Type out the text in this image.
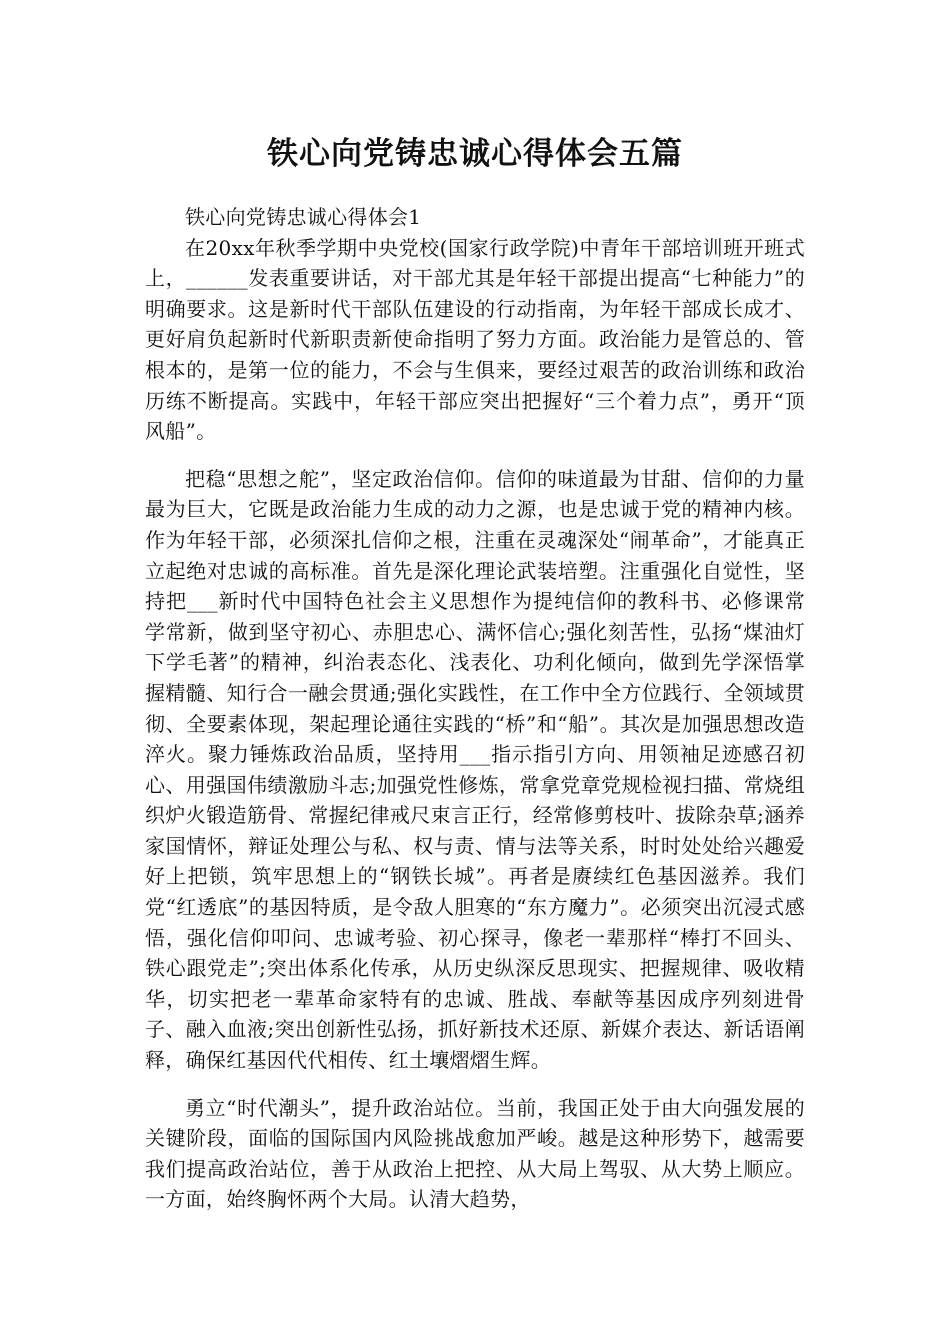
铁心向党铸忠诚心得体会五篇

铁心向党铸忠诚心得体会1

在20xx年秋季学期中央党校(国家行政学院)中青年干部培训班开班式上，______发表重要讲话，对干部尤其是年轻干部提出提高“七种能力”的明确要求。这是新时代干部队伍建设的行动指南，为年轻干部成长成才、更好肩负起新时代新职责新使命指明了努力方面。政治能力是管总的、管根本的，是第一位的能力，不会与生俱来，要经过艰苦的政治训练和政治历练不断提高。实践中，年轻干部应突出把握好“三个着力点”，勇开“顶风船”。

把稳“思想之舵”，坚定政治信仰。信仰的味道最为甘甜、信仰的力量最为巨大，它既是政治能力生成的动力之源，也是忠诚于党的精神内核。作为年轻干部，必须深扎信仰之根，注重在灵魂深处“闹革命”，才能真正立起绝对忠诚的高标准。首先是深化理论武装培塑。注重强化自觉性，坚持把___新时代中国特色社会主义思想作为提纯信仰的教科书、必修课常学常新，做到坚守初心、赤胆忠心、满怀信心;强化刻苦性，弘扬“煤油灯下学毛著”的精神，纠治表态化、浅表化、功利化倾向，做到先学深悟掌握精髓、知行合一融会贯通;强化实践性，在工作中全方位践行、全领域贯彻、全要素体现，架起理论通往实践的“桥”和“船”。其次是加强思想改造淬火。聚力锤炼政治品质，坚持用___指示指引方向、用领袖足迹感召初心、用强国伟绩激励斗志;加强党性修炼，常拿党章党规检视扫描、常烧组织炉火锻造筋骨、常握纪律戒尺束言正行，经常修剪枝叶、拔除杂草;涵养家国情怀，辩证处理公与私、权与责、情与法等关系，时时处处给兴趣爱好上把锁，筑牢思想上的“钢铁长城”。再者是赓续红色基因滋养。我们党“红透底”的基因特质，是令敌人胆寒的“东方魔力”。必须突出沉浸式感悟，强化信仰叩问、忠诚考验、初心探寻，像老一辈那样“棒打不回头、铁心跟党走”;突出体系化传承，从历史纵深反思现实、把握规律、吸收精华，切实把老一辈革命家特有的忠诚、胜战、奉献等基因成序列刻进骨子、融入血液;突出创新性弘扬，抓好新技术还原、新媒介表达、新话语阐释，确保红基因代代相传、红土壤熠熠生辉。

勇立“时代潮头”，提升政治站位。当前，我国正处于由大向强发展的关键阶段，面临的国际国内风险挑战愈加严峻。越是这种形势下，越需要我们提高政治站位，善于从政治上把控、从大局上驾驭、从大势上顺应。一方面，始终胸怀两个大局。认清大趋势，
